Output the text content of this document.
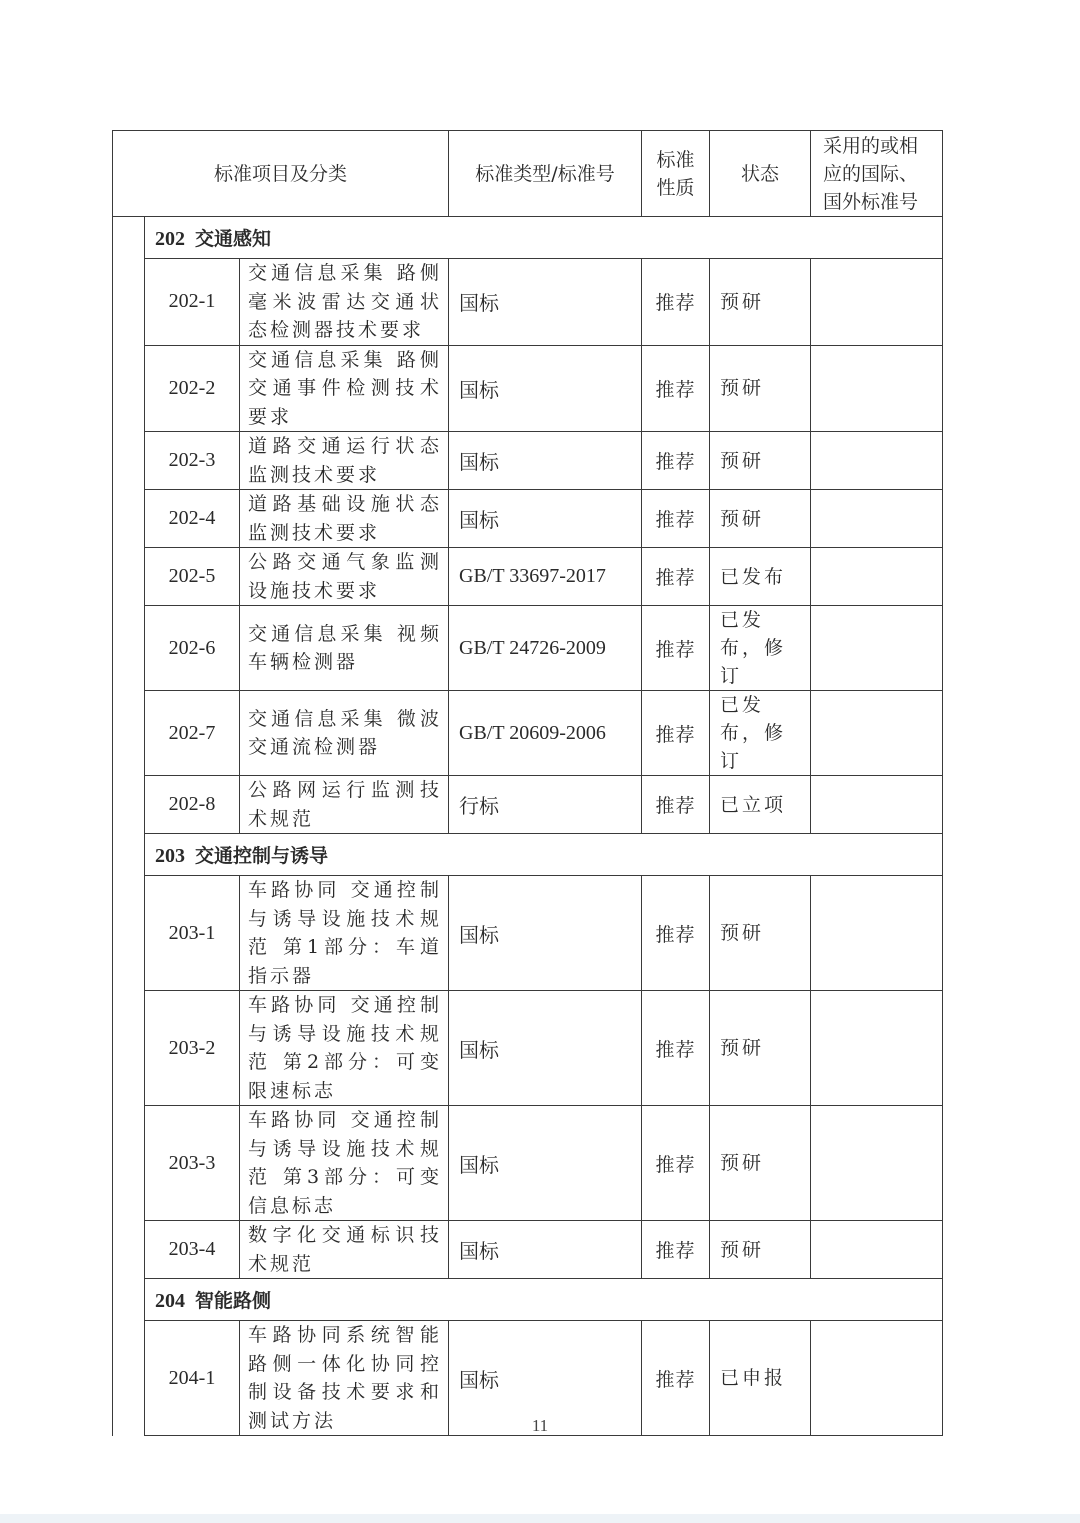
标准项目及分类			标准类型/标准号	标准性质	状态	采用的或相应的国际、国外标准号
	202 交通感知					
	202-1	交通信息采集 路侧毫米波雷达交通状态检测器技术要求	国标	推荐	预研	
	202-2	交通信息采集 路侧交通事件检测技术要求	国标	推荐	预研	
	202-3	道路交通运行状态监测技术要求	国标	推荐	预研	
	202-4	道路基础设施状态监测技术要求	国标	推荐	预研	
	202-5	公路交通气象监测设施技术要求	GB/T 33697-2017	推荐	已发布	
	202-6	交通信息采集 视频车辆检测器	GB/T 24726-2009	推荐	已发布，修订	
	202-7	交通信息采集 微波交通流检测器	GB/T 20609-2006	推荐	已发布，修订	
	202-8	公路网运行监测技术规范	行标	推荐	已立项	
	203 交通控制与诱导					
	203-1	车路协同 交通控制与诱导设施技术规范 第1部分：车道指示器	国标	推荐	预研	
	203-2	车路协同 交通控制与诱导设施技术规范 第2部分：可变限速标志	国标	推荐	预研	
	203-3	车路协同 交通控制与诱导设施技术规范 第3部分：可变信息标志	国标	推荐	预研	
	203-4	数字化交通标识技术规范	国标	推荐	预研	
	204 智能路侧					
	204-1	车路协同系统智能路侧一体化协同控制设备技术要求和测试方法	国标	推荐	已申报	
11
